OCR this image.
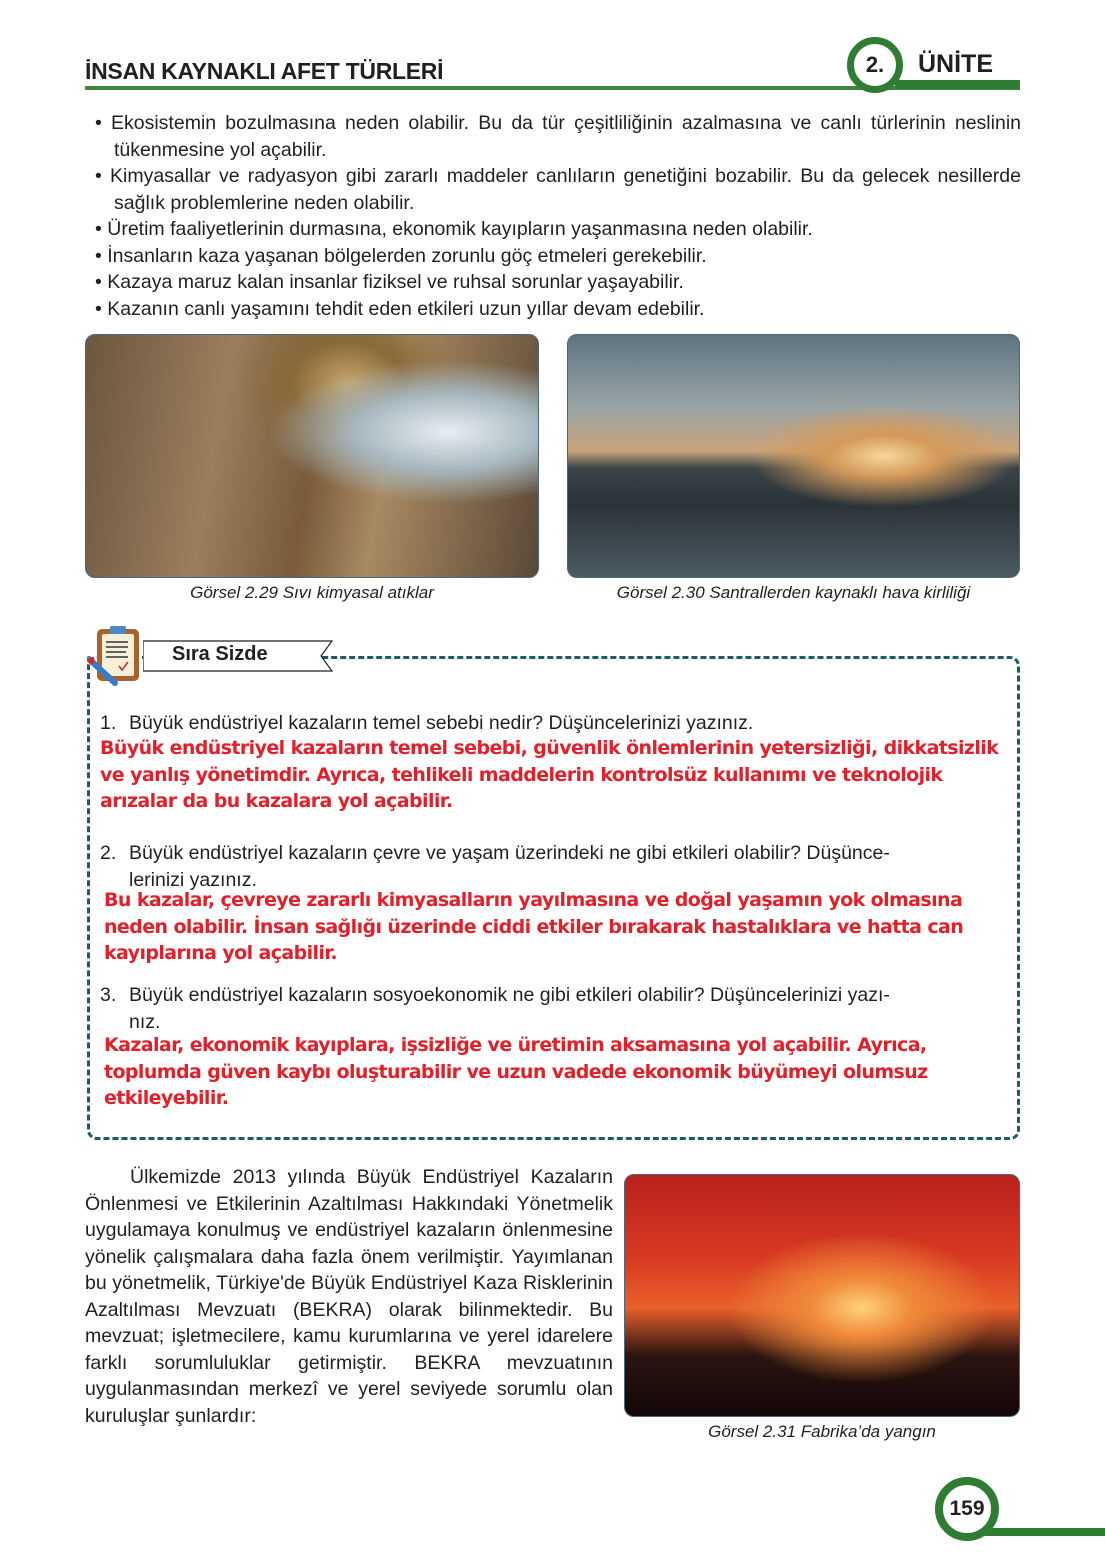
İNSAN KAYNAKLI AFET TÜRLERİ	2.	ÜNİTE
• Ekosistemin bozulmasına neden olabilir. Bu da tür çeşitliliğinin azalmasına ve canlı türlerinin neslinin tükenmesine yol açabilir.
• Kimyasallar ve radyasyon gibi zararlı maddeler canlıların genetiğini bozabilir. Bu da gelecek nesillerde sağlık problemlerine neden olabilir.
• Üretim faaliyetlerinin durmasına, ekonomik kayıpların yaşanmasına neden olabilir.
• İnsanların kaza yaşanan bölgelerden zorunlu göç etmeleri gerekebilir.
• Kazaya maruz kalan insanlar fiziksel ve ruhsal sorunlar yaşayabilir.
• Kazanın canlı yaşamını tehdit eden etkileri uzun yıllar devam edebilir.
Görsel 2.29 Sıvı kimyasal atıklar	Görsel 2.30 Santrallerden kaynaklı hava kirliliği
Sıra Sizde
1. Büyük endüstriyel kazaların temel sebebi nedir? Düşüncelerinizi yazınız.
Büyük endüstriyel kazaların temel sebebi, güvenlik önlemlerinin yetersizliği, dikkatsizlik ve yanlış yönetimdir. Ayrıca, tehlikeli maddelerin kontrolsüz kullanımı ve teknolojik arızalar da bu kazalara yol açabilir.
2. Büyük endüstriyel kazaların çevre ve yaşam üzerindeki ne gibi etkileri olabilir? Düşünce-
lerinizi yazınız.
Bu kazalar, çevreye zararlı kimyasalların yayılmasına ve doğal yaşamın yok olmasına neden olabilir. İnsan sağlığı üzerinde ciddi etkiler bırakarak hastalıklara ve hatta can kayıplarına yol açabilir.
3. Büyük endüstriyel kazaların sosyoekonomik ne gibi etkileri olabilir? Düşüncelerinizi yazı-
nız.
Kazalar, ekonomik kayıplara, işsizliğe ve üretimin aksamasına yol açabilir. Ayrıca, toplumda güven kaybı oluşturabilir ve uzun vadede ekonomik büyümeyi olumsuz etkileyebilir.
Ülkemizde 2013 yılında Büyük Endüstriyel Kazaların Önlenmesi ve Etkilerinin Azaltılması Hakkındaki Yönetmelik uygulamaya konulmuş ve endüstriyel kazaların önlenmesine yönelik çalışmalara daha fazla önem verilmiştir. Yayımlanan bu yönetmelik, Türkiye'de Büyük Endüstriyel Kaza Risklerinin Azaltılması Mevzuatı (BEKRA) olarak bilinmektedir. Bu mevzuat; işletmecilere, kamu kurumlarına ve yerel idarelere farklı sorumluluklar getirmiştir. BEKRA mevzuatının uygulanmasından merkezî ve yerel seviyede sorumlu olan kuruluşlar şunlardır:
Görsel 2.31 Fabrika’da yangın
159
